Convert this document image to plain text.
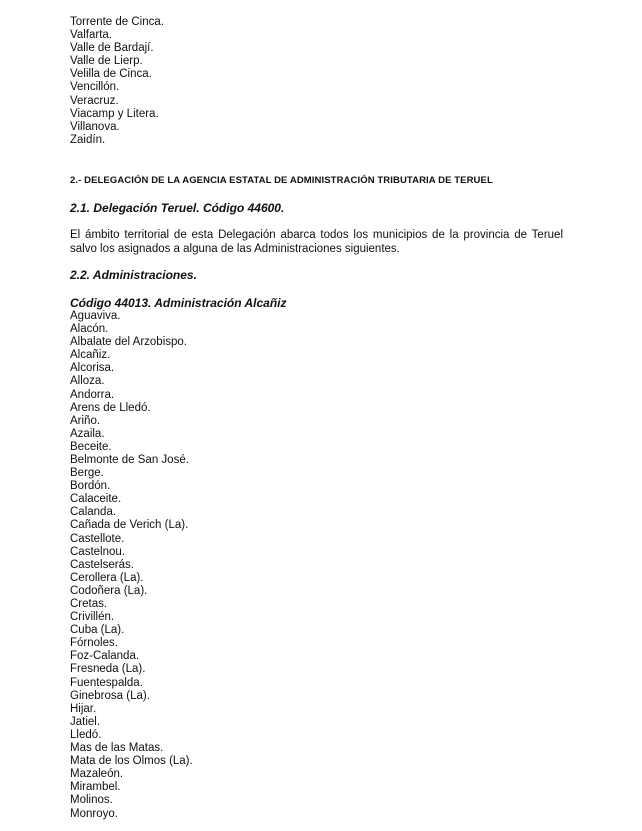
Torrente de Cinca.
Valfarta.
Valle de Bardají.
Valle de Lierp.
Velilla de Cinca.
Vencillón.
Veracruz.
Viacamp y Litera.
Villanova.
Zaidín.
2.- DELEGACIÓN DE LA AGENCIA ESTATAL DE ADMINISTRACIÓN TRIBUTARIA DE TERUEL
2.1. Delegación Teruel. Código 44600.
El ámbito territorial de esta Delegación abarca todos los municipios de la provincia de Teruel salvo los asignados a alguna de las Administraciones siguientes.
2.2. Administraciones.
Código 44013. Administración Alcañiz
Aguaviva.
Alacón.
Albalate del Arzobispo.
Alcañiz.
Alcorisa.
Alloza.
Andorra.
Arens de Lledó.
Ariño.
Azaila.
Beceite.
Belmonte de San José.
Berge.
Bordón.
Calaceite.
Calanda.
Cañada de Verich (La).
Castellote.
Castelnou.
Castelserás.
Cerollera (La).
Codoñera (La).
Cretas.
Crivillén.
Cuba (La).
Fórnoles.
Foz-Calanda.
Fresneda (La).
Fuentespalda.
Ginebrosa (La).
Hijar.
Jatiel.
Lledó.
Mas de las Matas.
Mata de los Olmos (La).
Mazaleón.
Mirambel.
Molinos.
Monroyo.
